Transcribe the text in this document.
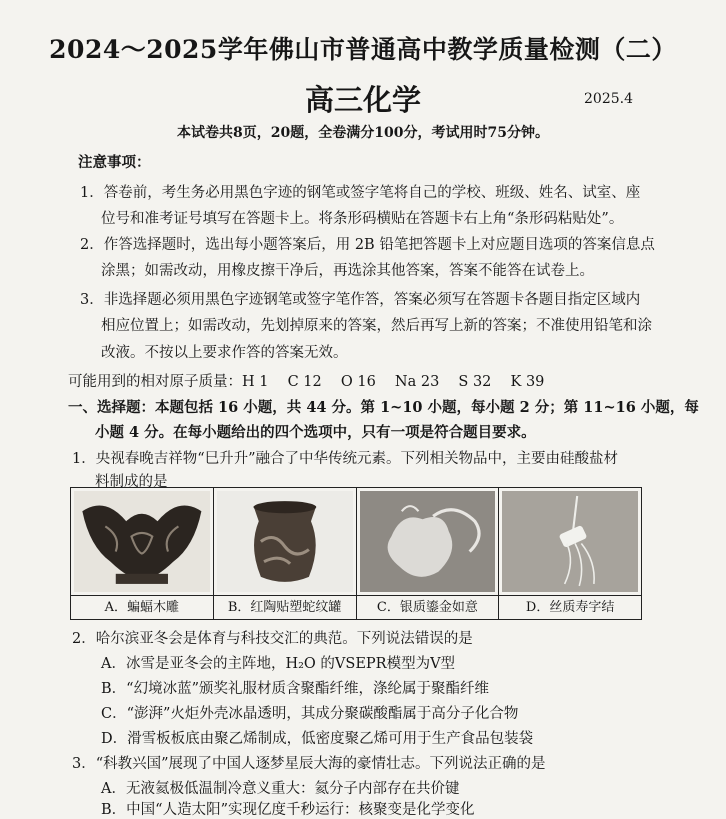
2024～2025学年佛山市普通高中教学质量检测（二）
高三化学	2025.4
本试卷共8页，20题，全卷满分100分，考试用时75分钟。
注意事项：
1．答卷前，考生务必用黑色字迹的钢笔或签字笔将自己的学校、班级、姓名、试室、座
位号和准考证号填写在答题卡上。将条形码横贴在答题卡右上角“条形码粘贴处”。
2．作答选择题时，选出每小题答案后，用 2B 铅笔把答题卡上对应题目选项的答案信息点
涂黑；如需改动，用橡皮擦干净后，再选涂其他答案，答案不能答在试卷上。
3．非选择题必须用黑色字迹钢笔或签字笔作答，答案必须写在答题卡各题目指定区域内
相应位置上；如需改动，先划掉原来的答案，然后再写上新的答案；不准使用铅笔和涂
改液。不按以上要求作答的答案无效。
可能用到的相对原子质量：H 1　 C 12　 O 16　 Na 23　 S 32　 K 39
一、选择题：本题包括 16 小题，共 44 分。第 1~10 小题，每小题 2 分；第 11~16 小题，每
小题 4 分。在每小题给出的四个选项中，只有一项是符合题目要求。
1．央视春晚吉祥物“巳升升”融合了中华传统元素。下列相关物品中，主要由硅酸盐材
料制成的是
A．蝙蝠木雕	B．红陶贴塑蛇纹罐	C．银质鎏金如意	D．丝质寿字结
2．哈尔滨亚冬会是体育与科技交汇的典范。下列说法错误的是
A．冰雪是亚冬会的主阵地，H₂O 的VSEPR模型为V型
B．“幻境冰蓝”颁奖礼服材质含聚酯纤维，涤纶属于聚酯纤维
C．“澎湃”火炬外壳冰晶透明，其成分聚碳酸酯属于高分子化合物
D．滑雪板板底由聚乙烯制成，低密度聚乙烯可用于生产食品包装袋
3．“科教兴国”展现了中国人逐梦星辰大海的豪情壮志。下列说法正确的是
A．无液氦极低温制冷意义重大：氦分子内部存在共价键
B．中国“人造太阳”实现亿度千秒运行：核聚变是化学变化
